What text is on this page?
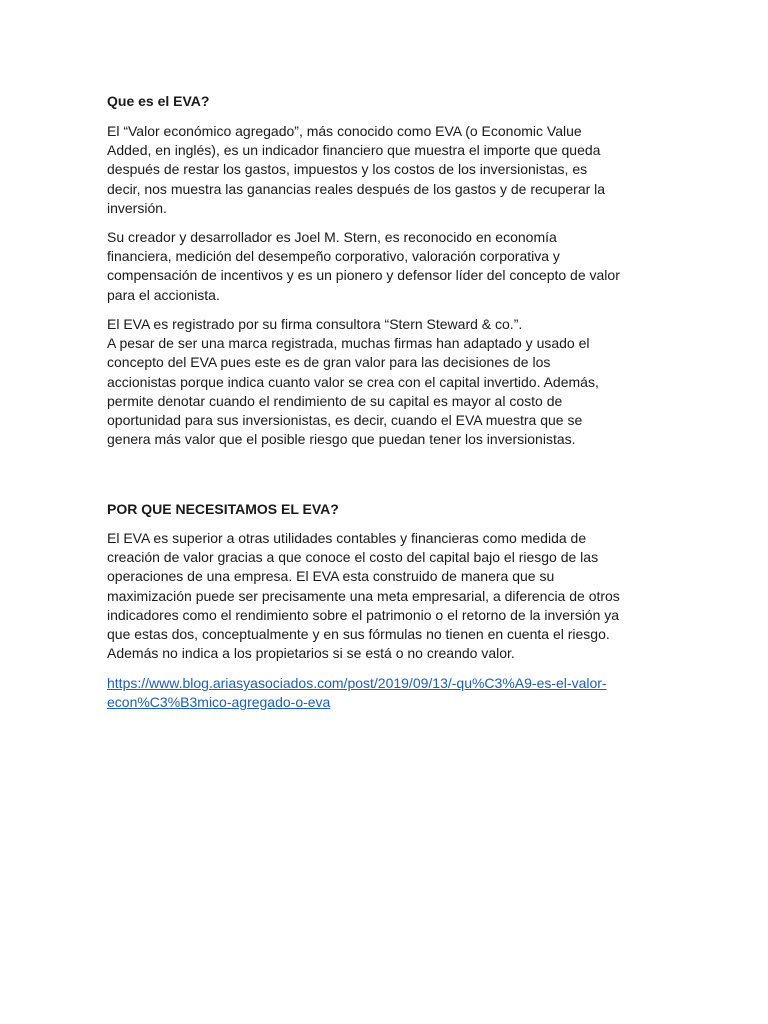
Que es el EVA?

El “Valor económico agregado”, más conocido como EVA (o Economic Value
Added, en inglés), es un indicador financiero que muestra el importe que queda
después de restar los gastos, impuestos y los costos de los inversionistas, es
decir, nos muestra las ganancias reales después de los gastos y de recuperar la
inversión.

Su creador y desarrollador es Joel M. Stern, es reconocido en economía
financiera, medición del desempeño corporativo, valoración corporativa y
compensación de incentivos y es un pionero y defensor líder del concepto de valor
para el accionista.

El EVA es registrado por su firma consultora “Stern Steward & co.”.
A pesar de ser una marca registrada, muchas firmas han adaptado y usado el
concepto del EVA pues este es de gran valor para las decisiones de los
accionistas porque indica cuanto valor se crea con el capital invertido. Además,
permite denotar cuando el rendimiento de su capital es mayor al costo de
oportunidad para sus inversionistas, es decir, cuando el EVA muestra que se
genera más valor que el posible riesgo que puedan tener los inversionistas.

POR QUE NECESITAMOS EL EVA?

El EVA es superior a otras utilidades contables y financieras como medida de
creación de valor gracias a que conoce el costo del capital bajo el riesgo de las
operaciones de una empresa. El EVA esta construido de manera que su
maximización puede ser precisamente una meta empresarial, a diferencia de otros
indicadores como el rendimiento sobre el patrimonio o el retorno de la inversión ya
que estas dos, conceptualmente y en sus fórmulas no tienen en cuenta el riesgo.
Además no indica a los propietarios si se está o no creando valor.

https://www.blog.ariasyasociados.com/post/2019/09/13/-qu%C3%A9-es-el-valor-
econ%C3%B3mico-agregado-o-eva
